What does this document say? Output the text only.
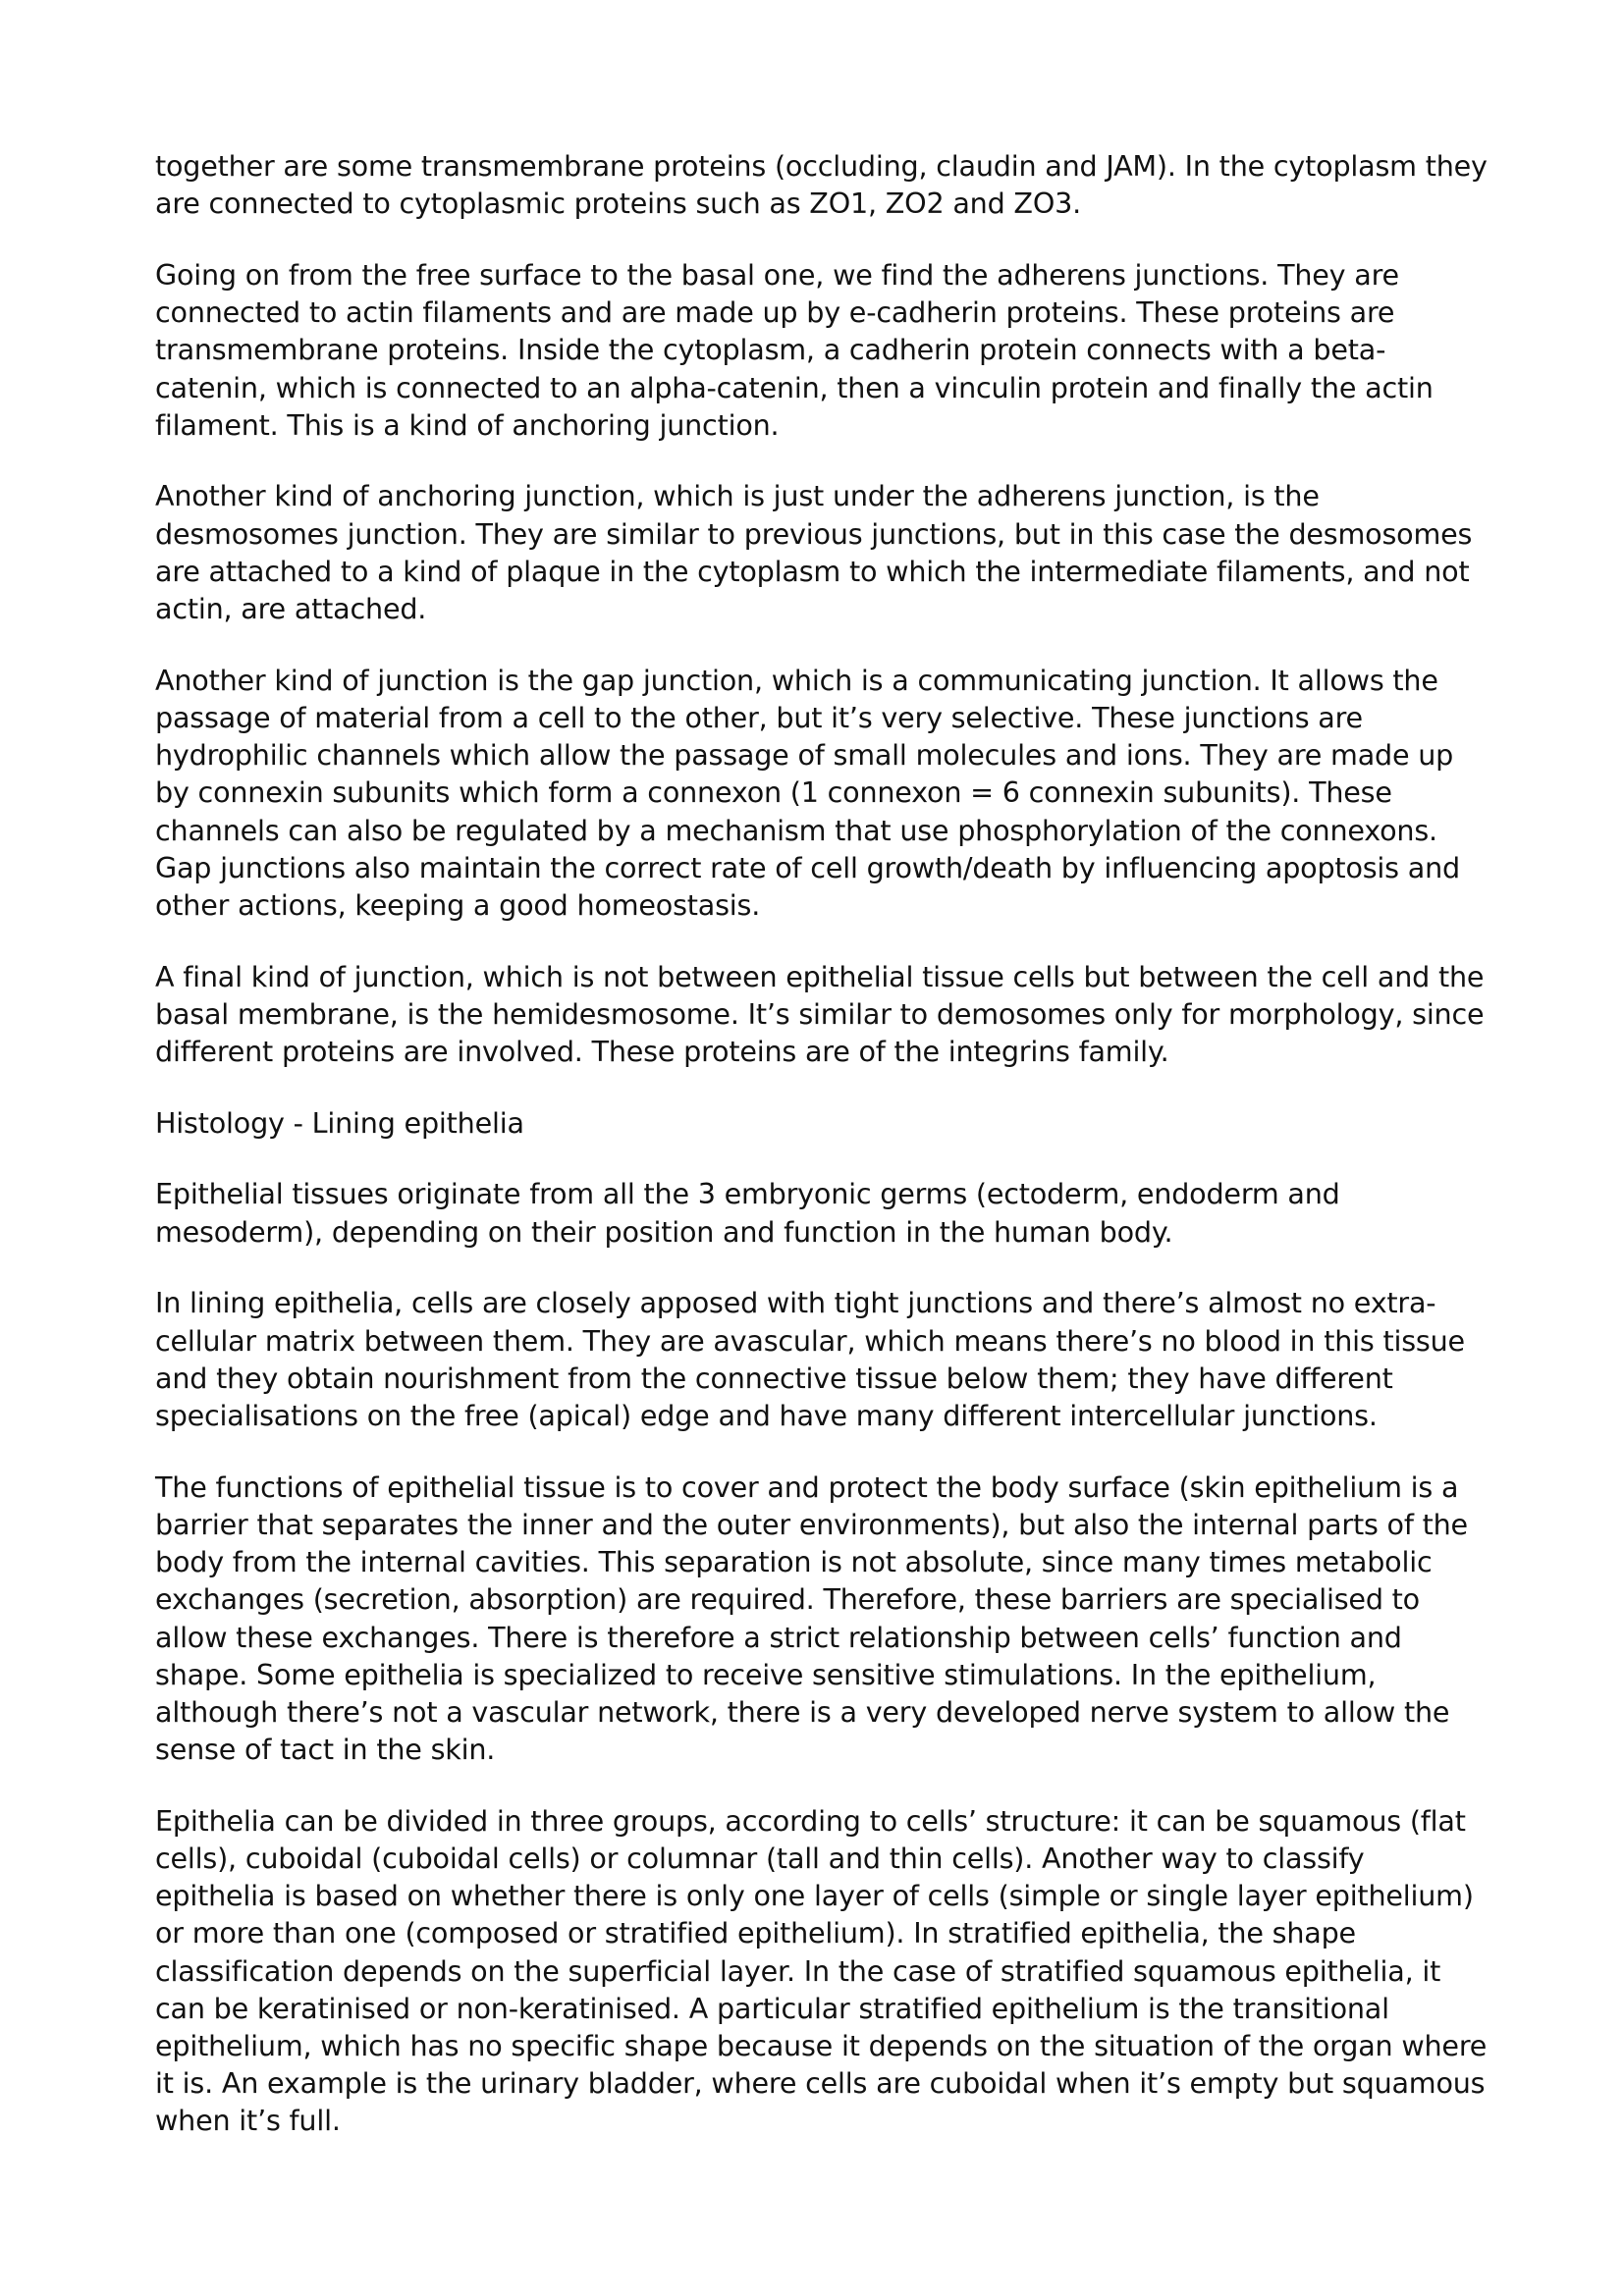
together are some transmembrane proteins (occluding, claudin and JAM). In the cytoplasm they are connected to cytoplasmic proteins such as ZO1, ZO2 and ZO3.

Going on from the free surface to the basal one, we find the adherens junctions. They are connected to actin filaments and are made up by e-cadherin proteins. These proteins are transmembrane proteins. Inside the cytoplasm, a cadherin protein connects with a beta-catenin, which is connected to an alpha-catenin, then a vinculin protein and finally the actin filament. This is a kind of anchoring junction.

Another kind of anchoring junction, which is just under the adherens junction, is the desmosomes junction. They are similar to previous junctions, but in this case the desmosomes are attached to a kind of plaque in the cytoplasm to which the intermediate filaments, and not actin, are attached.

Another kind of junction is the gap junction, which is a communicating junction. It allows the passage of material from a cell to the other, but it’s very selective. These junctions are hydrophilic channels which allow the passage of small molecules and ions. They are made up by connexin subunits which form a connexon (1 connexon = 6 connexin subunits). These channels can also be regulated by a mechanism that use phosphorylation of the connexons. Gap junctions also maintain the correct rate of cell growth/death by influencing apoptosis and other actions, keeping a good homeostasis.

A final kind of junction, which is not between epithelial tissue cells but between the cell and the basal membrane, is the hemidesmosome. It’s similar to demosomes only for morphology, since different proteins are involved. These proteins are of the integrins family.

Histology - Lining epithelia

Epithelial tissues originate from all the 3 embryonic germs (ectoderm, endoderm and mesoderm), depending on their position and function in the human body.

In lining epithelia, cells are closely apposed with tight junctions and there’s almost no extra-cellular matrix between them. They are avascular, which means there’s no blood in this tissue and they obtain nourishment from the connective tissue below them; they have different specialisations on the free (apical) edge and have many different intercellular junctions.

The functions of epithelial tissue is to cover and protect the body surface (skin epithelium is a barrier that separates the inner and the outer environments), but also the internal parts of the body from the internal cavities. This separation is not absolute, since many times metabolic exchanges (secretion, absorption) are required. Therefore, these barriers are specialised to allow these exchanges. There is therefore a strict relationship between cells’ function and shape. Some epithelia is specialized to receive sensitive stimulations. In the epithelium, although there’s not a vascular network, there is a very developed nerve system to allow the sense of tact in the skin.

Epithelia can be divided in three groups, according to cells’ structure: it can be squamous (flat cells), cuboidal (cuboidal cells) or columnar (tall and thin cells). Another way to classify epithelia is based on whether there is only one layer of cells (simple or single layer epithelium) or more than one (composed or stratified epithelium). In stratified epithelia, the shape classification depends on the superficial layer. In the case of stratified squamous epithelia, it can be keratinised or non-keratinised. A particular stratified epithelium is the transitional epithelium, which has no specific shape because it depends on the situation of the organ where it is. An example is the urinary bladder, where cells are cuboidal when it’s empty but squamous when it’s full.
